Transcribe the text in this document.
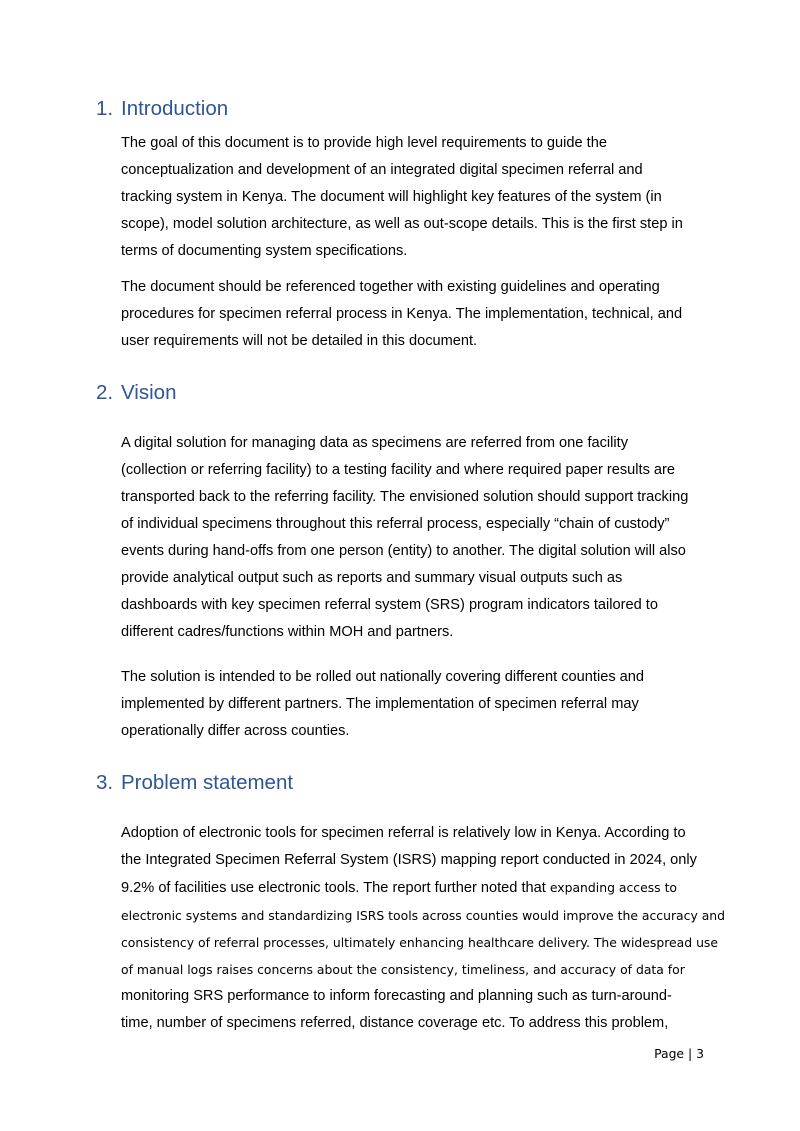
1. Introduction
The goal of this document is to provide high level requirements to guide the
conceptualization and development of an integrated digital specimen referral and
tracking system in Kenya. The document will highlight key features of the system (in
scope), model solution architecture, as well as out-scope details. This is the first step in
terms of documenting system specifications.
The document should be referenced together with existing guidelines and operating
procedures for specimen referral process in Kenya. The implementation, technical, and
user requirements will not be detailed in this document.
2. Vision
A digital solution for managing data as specimens are referred from one facility
(collection or referring facility) to a testing facility and where required paper results are
transported back to the referring facility. The envisioned solution should support tracking
of individual specimens throughout this referral process, especially “chain of custody”
events during hand-offs from one person (entity) to another. The digital solution will also
provide analytical output such as reports and summary visual outputs such as
dashboards with key specimen referral system (SRS) program indicators tailored to
different cadres/functions within MOH and partners.
The solution is intended to be rolled out nationally covering different counties and
implemented by different partners. The implementation of specimen referral may
operationally differ across counties.
3. Problem statement
Adoption of electronic tools for specimen referral is relatively low in Kenya. According to
the Integrated Specimen Referral System (ISRS) mapping report conducted in 2024, only
9.2% of facilities use electronic tools. The report further noted that expanding access to
electronic systems and standardizing ISRS tools across counties would improve the accuracy and
consistency of referral processes, ultimately enhancing healthcare delivery. The widespread use
of manual logs raises concerns about the consistency, timeliness, and accuracy of data for
monitoring SRS performance to inform forecasting and planning such as turn-around-
time, number of specimens referred, distance coverage etc. To address this problem,
Page | 3
